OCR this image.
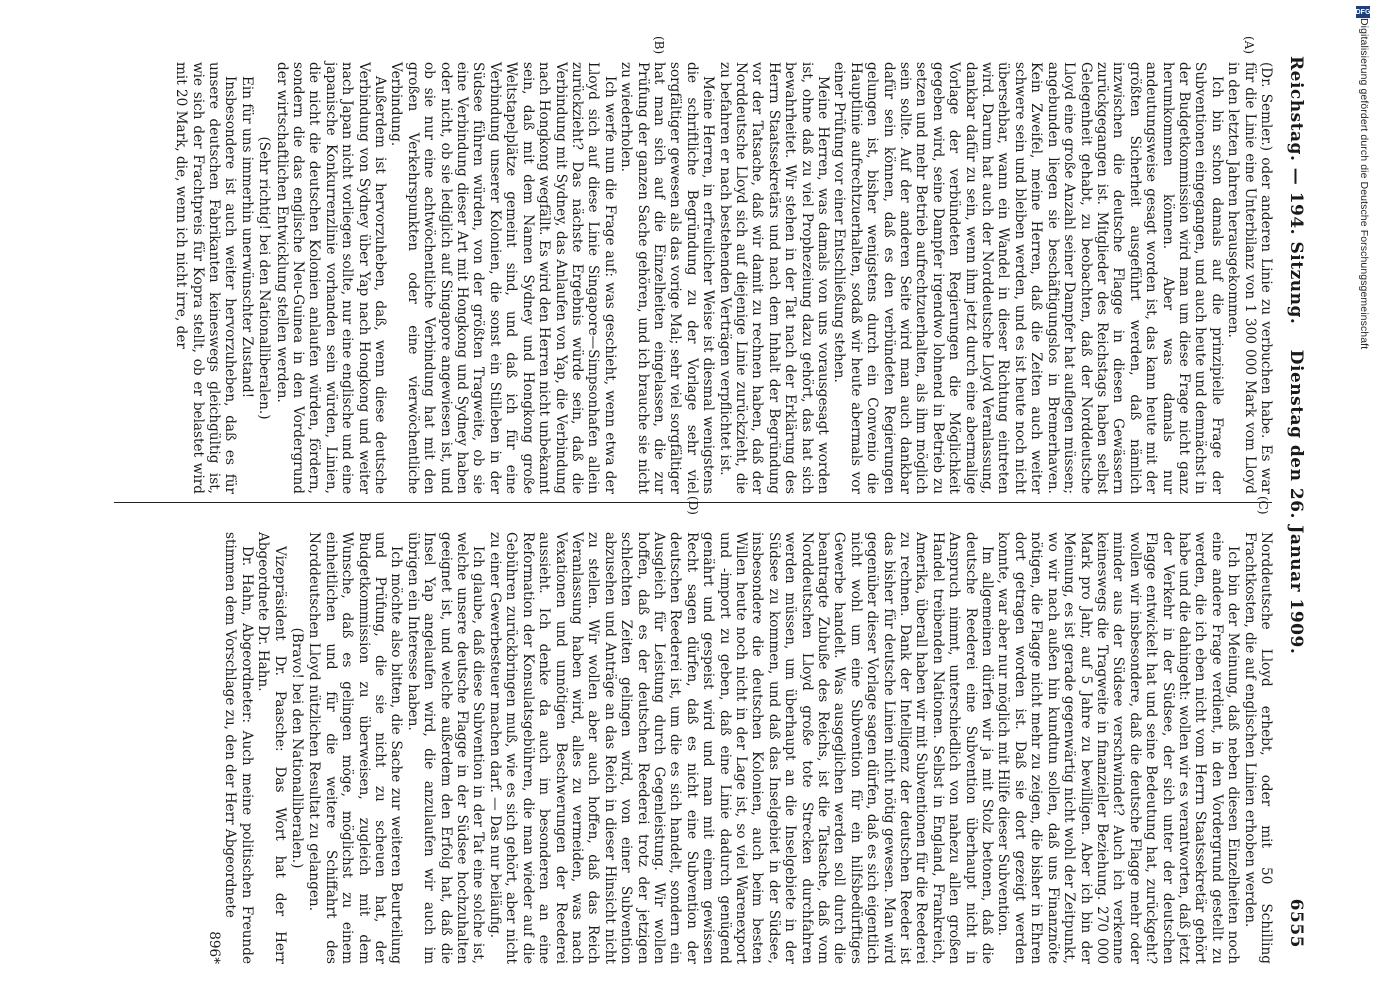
Reichstag. — 194. Sitzung.
Dienstag den 26. Januar 1909.
6555
(A)
(B)
(C)
(D)

(Dr. Semler.) oder anderen Linie zu verbuchen habe. Es war für die Linie eine Unterbilanz von 1 300 000 Mark vom Lloyd in den letzten Jahren herausgekommen.

Ich bin schon damals auf die prinzipielle Frage der Subventionen eingegangen, und auch heute und demnächst in der Budgetkommission wird man um diese Frage nicht ganz herumkommen können. Aber was damals nur andeutungsweise gesagt worden ist, das kann heute mit der größten Sicherheit ausgeführt werden, daß nämlich inzwischen die deutsche Flagge in diesen Gewässern zurückgegangen ist. Mitglieder des Reichstags haben selbst Gelegenheit gehabt, zu beobachten, daß der Norddeutsche Lloyd eine große Anzahl seiner Dampfer hat auflegen müssen; angebunden liegen sie beschäftigungslos in Bremerhaven. Kein Zweifel, meine Herren, daß die Zeiten auch weiter schwere sein und bleiben werden, und es ist heute noch nicht übersehbar, wann ein Wandel in dieser Richtung eintreten wird. Darum hat auch der Norddeutsche Lloyd Veranlassung, dankbar dafür zu sein, wenn ihm jetzt durch eine abermalige Vorlage der verbündeten Regierungen die Möglichkeit gegeben wird, seine Dampfer irgendwo lohnend in Betrieb zu setzen und mehr Betrieb aufrechtzuerhalten, als ihm möglich sein sollte. Auf der anderen Seite wird man auch dankbar dafür sein können, daß es den verbündeten Regierungen gelungen ist, bisher wenigstens durch ein Convenio die Hauptlinie aufrechtzuerhalten, sodaß wir heute abermals vor einer Prüfung vor einer Entschließung stehen.

Meine Herren, was damals von uns vorausgesagt worden ist, ohne daß zu viel Prophezeiung dazu gehört, das hat sich bewahrheitet. Wir stehen in der Tat nach der Erklärung des Herrn Staatssekretärs und nach dem Inhalt der Begründung vor der Tatsache, daß wir damit zu rechnen haben, daß der Norddeutsche Lloyd sich auf diejenige Linie zurückzieht, die zu befahren er nach bestehenden Verträgen verpflichtet ist.

Meine Herren, in erfreulicher Weise ist diesmal wenigstens die schriftliche Begründung zu der Vorlage sehr viel sorgfältiger gewesen als das vorige Mal; sehr viel sorgfältiger hat man sich auf die Einzelheiten eingelassen, die zur Prüfung der ganzen Sache gehören, und ich brauche sie nicht zu wiederholen.

Ich werfe nun die Frage auf: was geschieht, wenn etwa der Lloyd sich auf diese Linie Singapore—Simpsonhafen allein zurückzieht? Das nächste Ergebnis würde sein, daß die Verbindung mit Sydney, das Anlaufen von Yap, die Verbindung nach Hongkong wegfällt. Es wird den Herren nicht unbekannt sein, daß mit dem Namen Sydney und Hongkong große Weltstapelplätze gemeint sind, und daß ich für eine Verbindung unserer Kolonien, die sonst ein Stilleben in der Südsee führen würden, von der größten Tragweite, ob sie eine Verbindung dieser Art mit Hongkong und Sydney haben oder nicht, ob sie lediglich auf Singapore angewiesen ist, und ob sie nur eine achtwöchentliche Verbindung hat mit den großen Verkehrspunkten oder eine vierwöchentliche Verbindung.

Außerdem ist hervorzuheben, daß, wenn diese deutsche Verbindung von Sydney über Yap nach Hongkong und weiter nach Japan nicht vorliegen sollte, nur eine englische und eine japanische Konkurrenzlinie vorhanden sein würden, Linien, die nicht die deutschen Kolonien anlaufen würden, fördern, sondern die das englische Neu-Guinea in den Vordergrund der wirtschaftlichen Entwicklung stellen werden.

(Sehr richtig! bei den Nationalliberalen.)

Ein für uns immerhin unerwünschter Zustand!

Insbesondere ist auch weiter hervorzuheben, daß es für unsere deutschen Fabrikanten keineswegs gleichgültig ist, wie sich der Frachtpreis für Kopra stellt, ob er belastet wird mit 20 Mark, die, wenn ich nicht irre, der

Norddeutsche Lloyd erhebt, oder mit 50 Schilling Frachtkosten, die auf englischen Linien erhoben werden.

Ich bin der Meinung, daß neben diesen Einzelheiten noch eine andere Frage verdient, in den Vordergrund gestellt zu werden, die ich eben nicht vom Herrn Staatssekretär gehört habe und die dahingeht: wollen wir es verantworten, daß jetzt der Verkehr in der Südsee, der sich unter der deutschen Flagge entwickelt hat und seine Bedeutung hat, zurückgeht? wollen wir insbesondere, daß die deutsche Flagge mehr oder minder aus der Südsee verschwindet? Auch ich verkenne keineswegs die Tragweite in finanzieller Beziehung. 270 000 Mark pro Jahr, auf 5 Jahre zu bewilligen. Aber ich bin der Meinung, es ist gerade gegenwärtig nicht wohl der Zeitpunkt, wo wir nach außen hin kundtun sollen, daß uns Finanznöte nötigen, die Flagge nicht mehr zu zeigen, die bisher in Ehren dort getragen worden ist. Daß sie dort gezeigt werden konnte, war aber nur möglich mit Hilfe dieser Subvention.

Im allgemeinen dürfen wir ja mit Stolz betonen, daß die deutsche Reederei eine Subvention überhaupt nicht in Anspruch nimmt, unterschiedlich von nahezu allen großen Handel treibenden Nationen. Selbst in England, Frankreich, Amerika, überall haben wir mit Subventionen für die Reederei zu rechnen. Dank der Intelligenz der deutschen Reeder ist das bisher für deutsche Linien nicht nötig gewesen. Man wird gegenüber dieser Vorlage sagen dürfen, daß es sich eigentlich nicht wohl um eine Subvention für ein hilfsbedürftiges Gewerbe handelt. Was ausgeglichen werden soll durch die beantragte Zubuße des Reichs, ist die Tatsache, daß vom Norddeutschen Lloyd große tote Strecken durchfahren werden müssen, um überhaupt an die Inselgebiete in der Südsee zu kommen, und daß das Inselgebiet in der Südsee, insbesondere die deutschen Kolonien, auch beim besten Willen heute noch nicht in der Lage ist, so viel Warenexport und -import zu geben, daß eine Linie dadurch genügend genährt und gespeist wird und man mit einem gewissen Recht sagen dürfen, daß es nicht eine Subvention der deutschen Reederei ist, um die es sich handelt, sondern ein Ausgleich für Leistung durch Gegenleistung. Wir wollen hoffen, daß es der deutschen Reederei trotz der jetzigen schlechten Zeiten gelingen wird, von einer Subvention abzusehen und Anträge an das Reich in dieser Hinsicht nicht zu stellen. Wir wollen aber auch hoffen, daß das Reich Veranlassung haben wird, alles zu vermeiden, was nach Vexationen und unnötigen Beschwerungen der Reederei aussieht. Ich denke da auch im besonderen an eine Reformation der Konsulatsgebühren, die man wieder auf die Gebühren zurückbringen muß, wie es sich gehört, aber nicht zu einer Gewerbesteuer machen darf. — Das nur beiläufig.

Ich glaube, daß diese Subvention in der Tat eine solche ist, welche unsere deutsche Flagge in der Südsee hochzuhalten geeignet ist, und welche außerdem den Erfolg hat, daß die Insel Yap angelaufen wird, die anzulaufen wir auch im übrigen ein Interesse haben.

Ich möchte also bitten, die Sache zur weiteren Beurteilung und Prüfung, die sie nicht zu scheuen hat, der Budgetkommission zu überweisen, zugleich mit dem Wunsche, daß es gelingen möge, möglichst zu einem einheitlichen und für die weitere Schiffahrt des Norddeutschen Lloyd nützlichen Resultat zu gelangen.

(Bravo! bei den Nationalliberalen.)

Vizepräsident Dr. Paasche: Das Wort hat der Herr Abgeordnete Dr. Hahn.

Dr. Hahn, Abgeordneter: Auch meine politischen Freunde stimmen dem Vorschlage zu, den der Herr Abgeordnete

896*

DFG
Digitalisierung gefördert durch die Deutsche Forschungsgemeinschaft
